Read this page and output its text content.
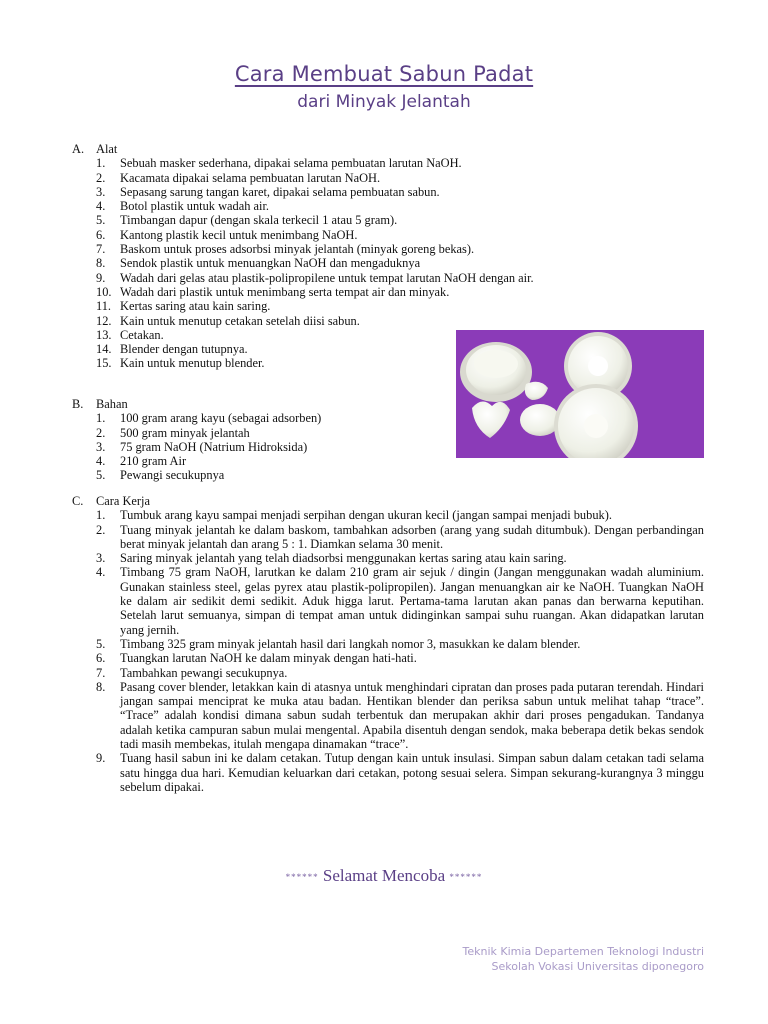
Cara Membuat Sabun Padat
dari Minyak Jelantah
A. Alat
1. Sebuah masker sederhana, dipakai selama pembuatan larutan NaOH.
2. Kacamata dipakai selama pembuatan larutan NaOH.
3. Sepasang sarung tangan karet, dipakai selama pembuatan sabun.
4. Botol plastik untuk wadah air.
5. Timbangan dapur (dengan skala terkecil 1 atau 5 gram).
6. Kantong plastik kecil untuk menimbang NaOH.
7. Baskom untuk proses adsorbsi minyak jelantah (minyak goreng bekas).
8. Sendok plastik untuk menuangkan NaOH dan mengaduknya
9. Wadah dari gelas atau plastik-polipropilene untuk tempat larutan NaOH dengan air.
10. Wadah dari plastik untuk menimbang serta tempat air dan minyak.
11. Kertas saring atau kain saring.
12. Kain untuk menutup cetakan setelah diisi sabun.
13. Cetakan.
14. Blender dengan tutupnya.
15. Kain untuk menutup blender.
B. Bahan
1. 100 gram arang kayu (sebagai adsorben)
2. 500 gram minyak jelantah
3. 75 gram NaOH (Natrium Hidroksida)
4. 210 gram Air
5. Pewangi secukupnya
C. Cara Kerja
1. Tumbuk arang kayu sampai menjadi serpihan dengan ukuran kecil (jangan sampai menjadi bubuk).
2. Tuang minyak jelantah ke dalam baskom, tambahkan adsorben (arang yang sudah ditumbuk). Dengan perbandingan berat minyak jelantah dan arang 5 : 1. Diamkan selama 30 menit.
3. Saring minyak jelantah yang telah diadsorbsi menggunakan kertas saring atau kain saring.
4. Timbang 75 gram NaOH, larutkan ke dalam 210 gram air sejuk / dingin (Jangan menggunakan wadah aluminium. Gunakan stainless steel, gelas pyrex atau plastik-polipropilen). Jangan menuangkan air ke NaOH. Tuangkan NaOH ke dalam air sedikit demi sedikit. Aduk higga larut. Pertama-tama larutan akan panas dan berwarna keputihan. Setelah larut semuanya, simpan di tempat aman untuk didinginkan sampai suhu ruangan. Akan didapatkan larutan yang jernih.
5. Timbang 325 gram minyak jelantah hasil dari langkah nomor 3, masukkan ke dalam blender.
6. Tuangkan larutan NaOH ke dalam minyak dengan hati-hati.
7. Tambahkan pewangi secukupnya.
8. Pasang cover blender, letakkan kain di atasnya untuk menghindari cipratan dan proses pada putaran terendah. Hindari jangan sampai menciprat ke muka atau badan. Hentikan blender dan periksa sabun untuk melihat tahap “trace”. “Trace” adalah kondisi dimana sabun sudah terbentuk dan merupakan akhir dari proses pengadukan. Tandanya adalah ketika campuran sabun mulai mengental. Apabila disentuh dengan sendok, maka beberapa detik bekas sendok tadi masih membekas, itulah mengapa dinamakan “trace”.
9. Tuang hasil sabun ini ke dalam cetakan. Tutup dengan kain untuk insulasi. Simpan sabun dalam cetakan tadi selama satu hingga dua hari. Kemudian keluarkan dari cetakan, potong sesuai selera. Simpan sekurang-kurangnya 3 minggu sebelum dipakai.
****** Selamat Mencoba ******
Teknik Kimia Departemen Teknologi Industri
Sekolah Vokasi Universitas diponegoro
